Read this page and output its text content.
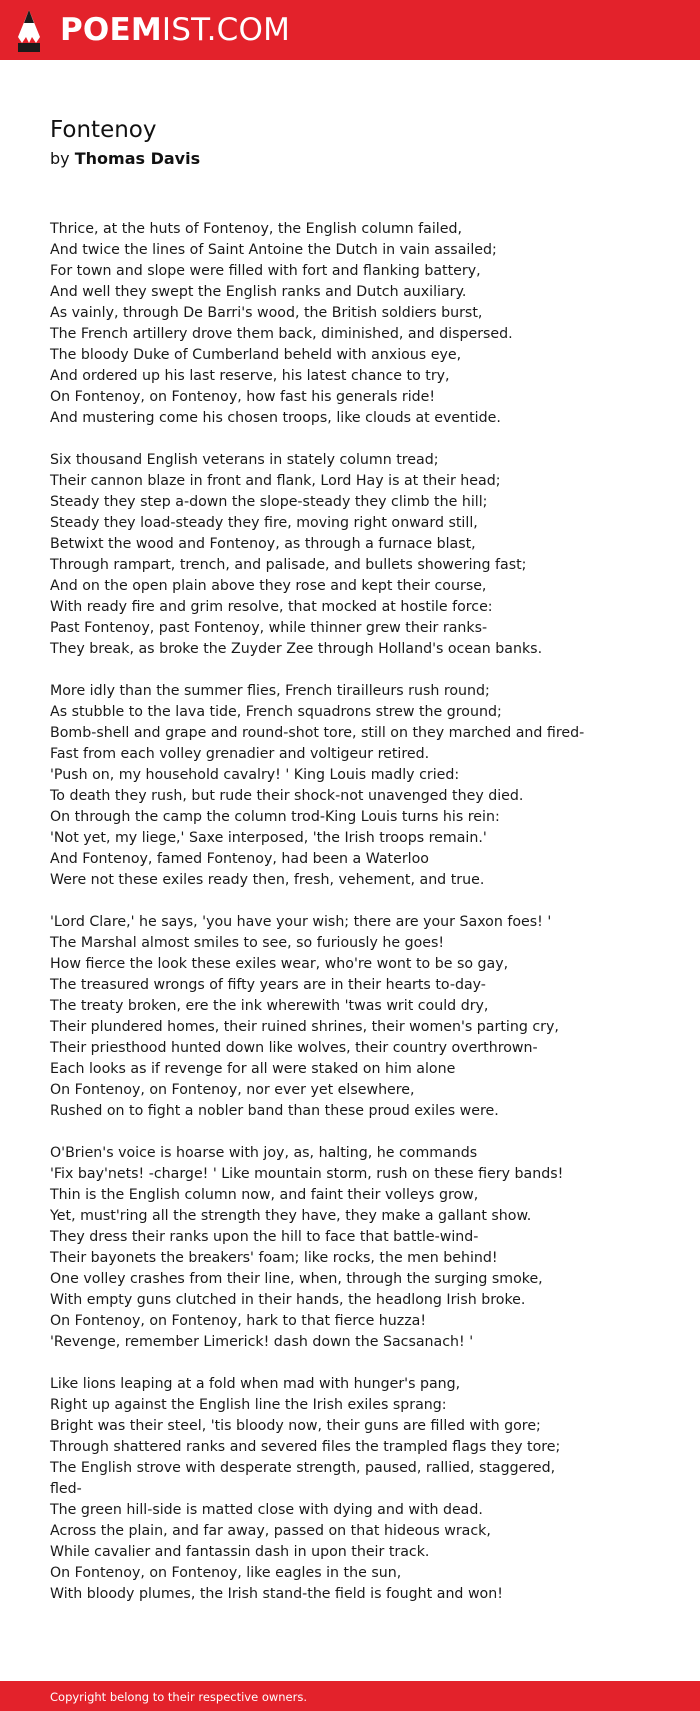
POEMIST.COM
Fontenoy
by Thomas Davis
Thrice, at the huts of Fontenoy, the English column failed,
And twice the lines of Saint Antoine the Dutch in vain assailed;
For town and slope were filled with fort and flanking battery,
And well they swept the English ranks and Dutch auxiliary.
As vainly, through De Barri's wood, the British soldiers burst,
The French artillery drove them back, diminished, and dispersed.
The bloody Duke of Cumberland beheld with anxious eye,
And ordered up his last reserve, his latest chance to try,
On Fontenoy, on Fontenoy, how fast his generals ride!
And mustering come his chosen troops, like clouds at eventide.
Six thousand English veterans in stately column tread;
Their cannon blaze in front and flank, Lord Hay is at their head;
Steady they step a-down the slope-steady they climb the hill;
Steady they load-steady they fire, moving right onward still,
Betwixt the wood and Fontenoy, as through a furnace blast,
Through rampart, trench, and palisade, and bullets showering fast;
And on the open plain above they rose and kept their course,
With ready fire and grim resolve, that mocked at hostile force:
Past Fontenoy, past Fontenoy, while thinner grew their ranks-
They break, as broke the Zuyder Zee through Holland's ocean banks.
More idly than the summer flies, French tirailleurs rush round;
As stubble to the lava tide, French squadrons strew the ground;
Bomb-shell and grape and round-shot tore, still on they marched and fired-
Fast from each volley grenadier and voltigeur retired.
'Push on, my household cavalry! ' King Louis madly cried:
To death they rush, but rude their shock-not unavenged they died.
On through the camp the column trod-King Louis turns his rein:
'Not yet, my liege,' Saxe interposed, 'the Irish troops remain.'
And Fontenoy, famed Fontenoy, had been a Waterloo
Were not these exiles ready then, fresh, vehement, and true.
'Lord Clare,' he says, 'you have your wish; there are your Saxon foes! '
The Marshal almost smiles to see, so furiously he goes!
How fierce the look these exiles wear, who're wont to be so gay,
The treasured wrongs of fifty years are in their hearts to-day-
The treaty broken, ere the ink wherewith 'twas writ could dry,
Their plundered homes, their ruined shrines, their women's parting cry,
Their priesthood hunted down like wolves, their country overthrown-
Each looks as if revenge for all were staked on him alone
On Fontenoy, on Fontenoy, nor ever yet elsewhere,
Rushed on to fight a nobler band than these proud exiles were.
O'Brien's voice is hoarse with joy, as, halting, he commands
'Fix bay'nets! -charge! ' Like mountain storm, rush on these fiery bands!
Thin is the English column now, and faint their volleys grow,
Yet, must'ring all the strength they have, they make a gallant show.
They dress their ranks upon the hill to face that battle-wind-
Their bayonets the breakers' foam; like rocks, the men behind!
One volley crashes from their line, when, through the surging smoke,
With empty guns clutched in their hands, the headlong Irish broke.
On Fontenoy, on Fontenoy, hark to that fierce huzza!
'Revenge, remember Limerick! dash down the Sacsanach! '
Like lions leaping at a fold when mad with hunger's pang,
Right up against the English line the Irish exiles sprang:
Bright was their steel, 'tis bloody now, their guns are filled with gore;
Through shattered ranks and severed files the trampled flags they tore;
The English strove with desperate strength, paused, rallied, staggered,
fled-
The green hill-side is matted close with dying and with dead.
Across the plain, and far away, passed on that hideous wrack,
While cavalier and fantassin dash in upon their track.
On Fontenoy, on Fontenoy, like eagles in the sun,
With bloody plumes, the Irish stand-the field is fought and won!
Copyright belong to their respective owners.
